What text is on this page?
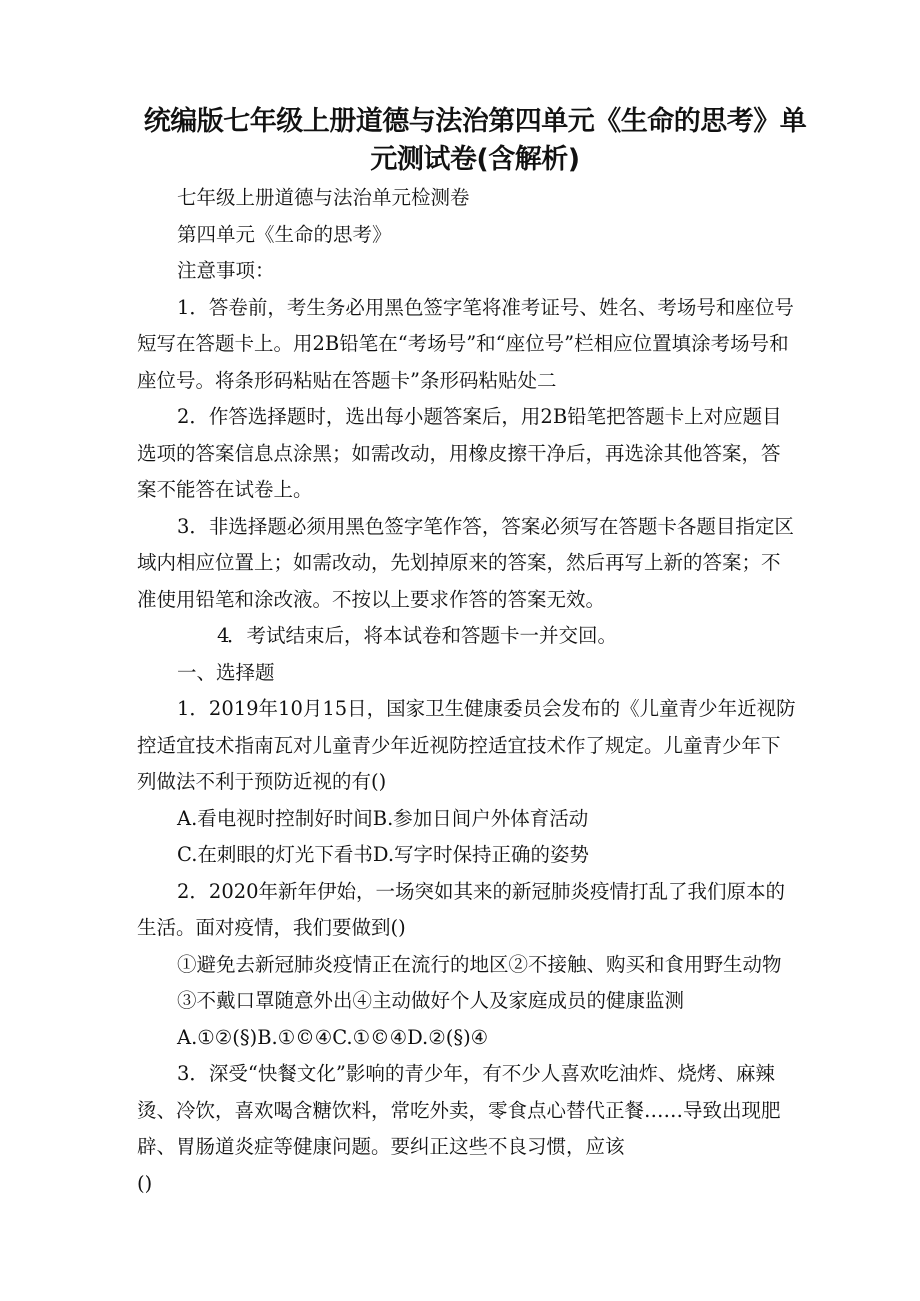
统编版七年级上册道德与法治第四单元《生命的思考》单
元测试卷(含解析)

七年级上册道德与法治单元检测卷

第四单元《生命的思考》

注意事项：

1．答卷前，考生务必用黑色签字笔将准考证号、姓名、考场号和座位号短写在答题卡上。用2B铅笔在“考场号”和“座位号”栏相应位置填涂考场号和座位号。将条形码粘贴在答题卡”条形码粘贴处二

2．作答选择题时，选出每小题答案后，用2B铅笔把答题卡上对应题目选项的答案信息点涂黑；如需改动，用橡皮擦干净后，再选涂其他答案，答案不能答在试卷上。

3．非选择题必须用黑色签字笔作答，答案必须写在答题卡各题目指定区域内相应位置上；如需改动，先划掉原来的答案，然后再写上新的答案；不准使用铅笔和涂改液。不按以上要求作答的答案无效。

4．考试结束后，将本试卷和答题卡一并交回。

一、选择题

1．2019年10月15日，国家卫生健康委员会发布的《儿童青少年近视防控适宜技术指南瓦对儿童青少年近视防控适宜技术作了规定。儿童青少年下列做法不利于预防近视的有()

A.看电视时控制好时间B.参加日间户外体育活动

C.在刺眼的灯光下看书D.写字时保持正确的姿势

2．2020年新年伊始，一场突如其来的新冠肺炎疫情打乱了我们原本的生活。面对疫情，我们要做到()

①避免去新冠肺炎疫情正在流行的地区②不接触、购买和食用野生动物

③不戴口罩随意外出④主动做好个人及家庭成员的健康监测

A.①②(§)B.①©④C.①©④D.②(§)④

3．深受“快餐文化”影响的青少年，有不少人喜欢吃油炸、烧烤、麻辣烫、冷饮，喜欢喝含糖饮料，常吃外卖，零食点心替代正餐……导致出现肥辟、胃肠道炎症等健康问题。要纠正这些不良习惯，应该

()
